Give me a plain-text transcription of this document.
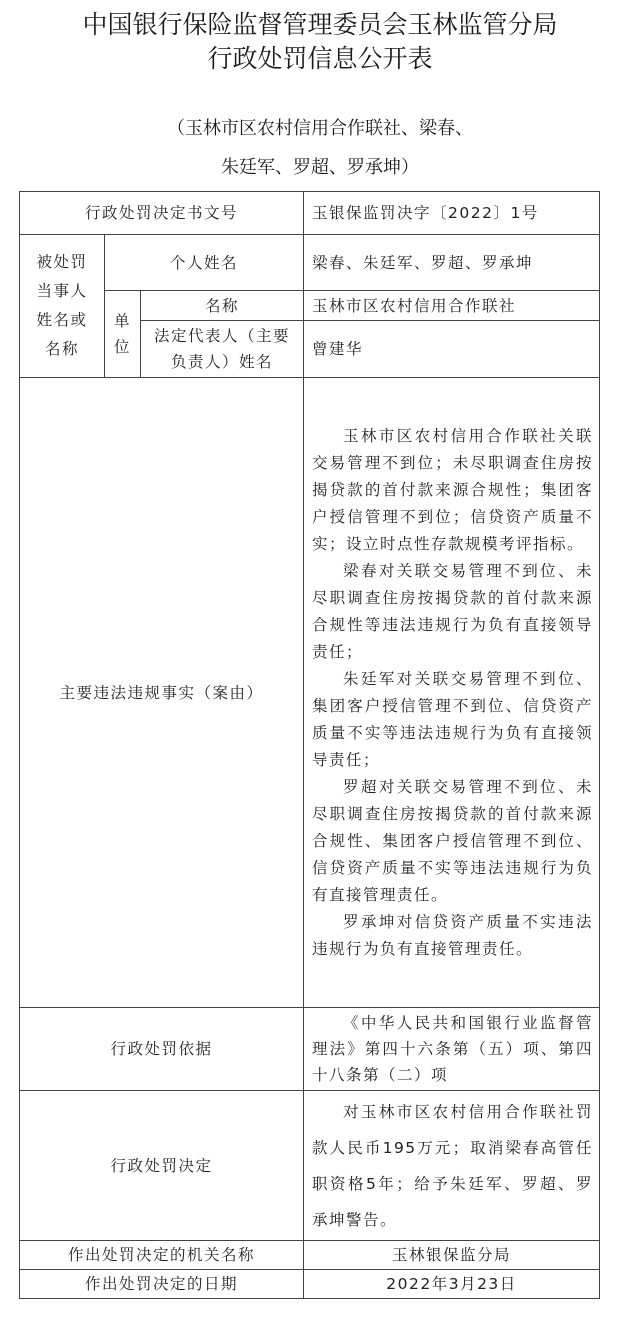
中国银行保险监督管理委员会玉林监管分局
行政处罚信息公开表
（玉林市区农村信用合作联社、梁春、
朱廷军、罗超、罗承坤）
行政处罚决定书文号			玉银保监罚决字〔2022〕1号
被处罚当事人姓名或名称	个人姓名		梁春、朱廷军、罗超、罗承坤
	单位	名称	玉林市区农村信用合作联社
		法定代表人（主要负责人）姓名	曾建华
主要违法违规事实（案由）			玉林市区农村信用合作联社关联交易管理不到位；未尽职调查住房按揭贷款的首付款来源合规性；集团客户授信管理不到位；信贷资产质量不实；设立时点性存款规模考评指标。

梁春对关联交易管理不到位、未尽职调查住房按揭贷款的首付款来源合规性等违法违规行为负有直接领导责任；

朱廷军对关联交易管理不到位、集团客户授信管理不到位、信贷资产质量不实等违法违规行为负有直接领导责任；

罗超对关联交易管理不到位、未尽职调查住房按揭贷款的首付款来源合规性、集团客户授信管理不到位、信贷资产质量不实等违法违规行为负有直接管理责任。

罗承坤对信贷资产质量不实违法违规行为负有直接管理责任。

行政处罚依据			《中华人民共和国银行业监督管理法》第四十六条第（五）项、第四十八条第（二）项
行政处罚决定			对玉林市区农村信用合作联社罚款人民币195万元；取消梁春高管任职资格5年；给予朱廷军、罗超、罗承坤警告。
作出处罚决定的机关名称			玉林银保监分局
作出处罚决定的日期			2022年3月23日
